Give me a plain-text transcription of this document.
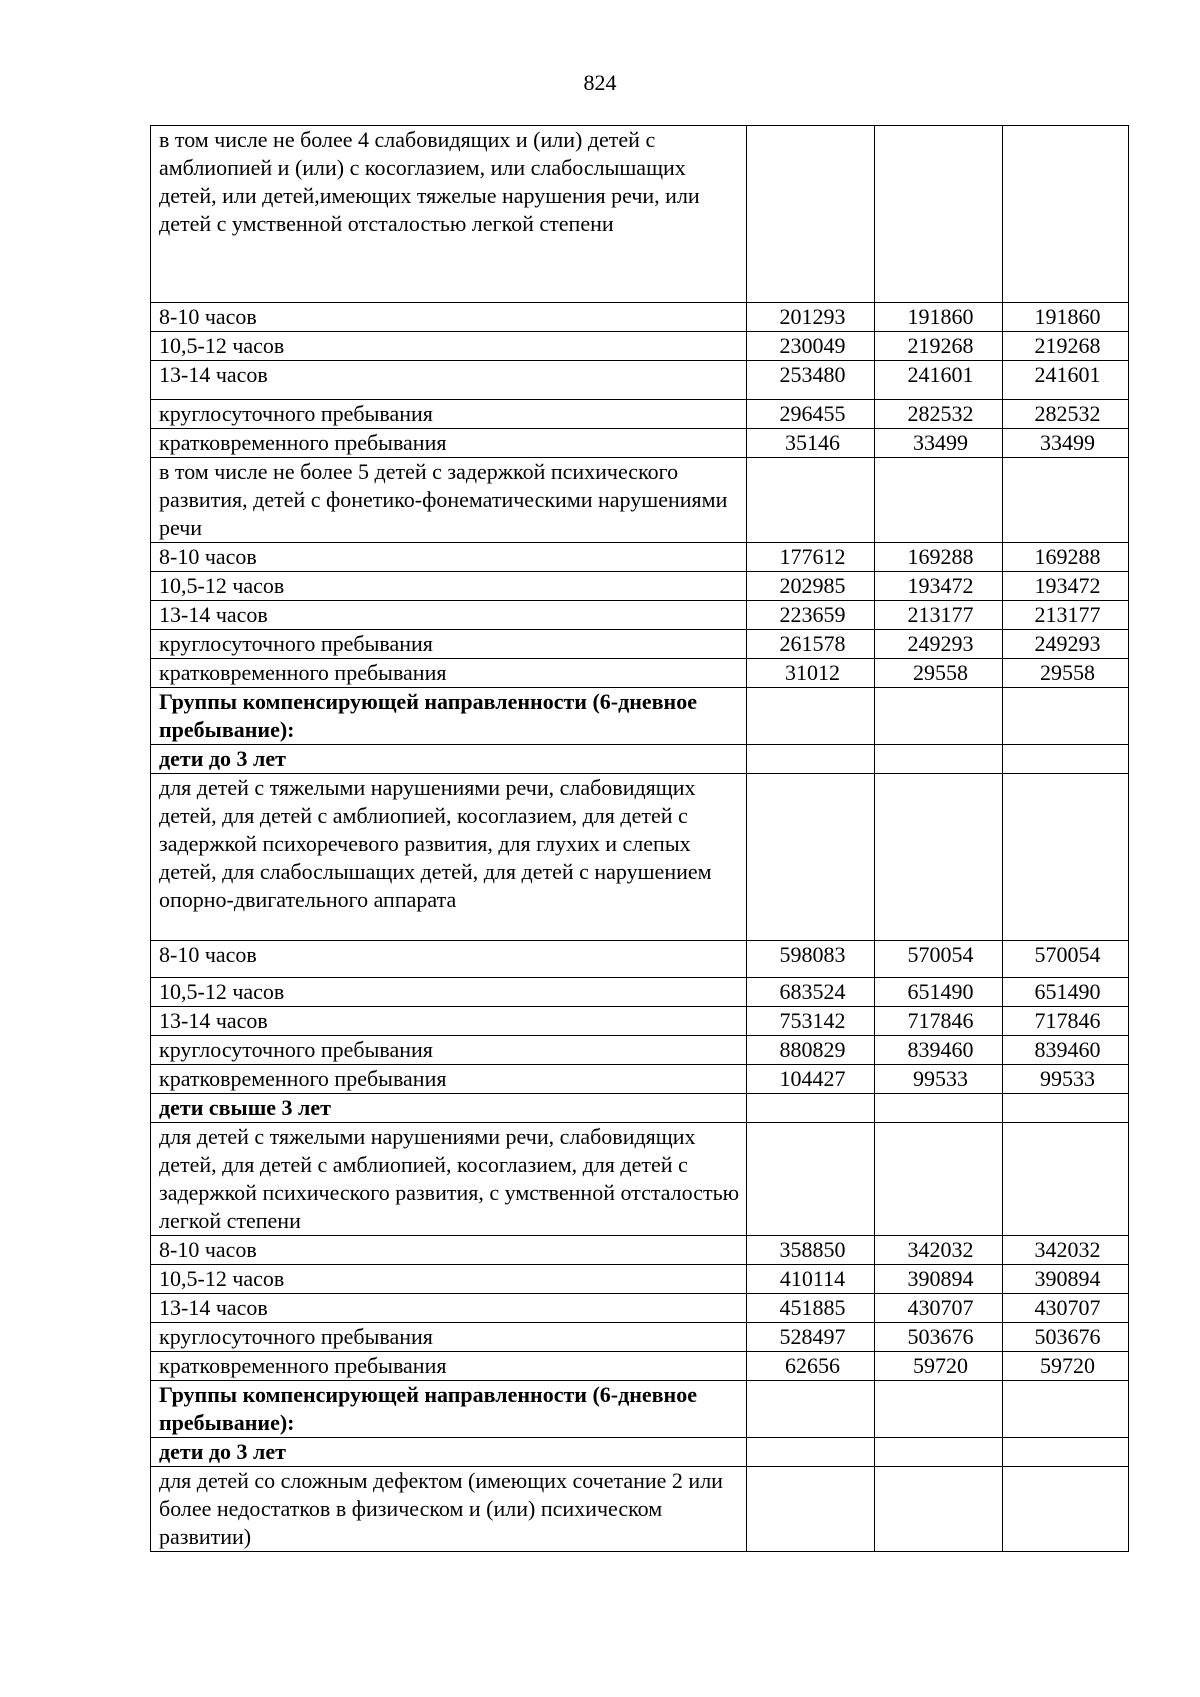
824
в том числе не более 4 слабовидящих и (или) детей с амблиопией и (или) с косоглазием, или слабослышащих детей, или детей,имеющих тяжелые нарушения речи, или детей с умственной отсталостью легкой степени			
8-10 часов	201293	191860	191860
10,5-12 часов	230049	219268	219268
13-14 часов	253480	241601	241601
круглосуточного пребывания	296455	282532	282532
кратковременного пребывания	35146	33499	33499
в том числе не более 5 детей с задержкой психического развития, детей с фонетико-фонематическими нарушениями речи			
8-10 часов	177612	169288	169288
10,5-12 часов	202985	193472	193472
13-14 часов	223659	213177	213177
круглосуточного пребывания	261578	249293	249293
кратковременного пребывания	31012	29558	29558
Группы компенсирующей направленности (6-дневное пребывание):			
дети до 3 лет			
для детей с тяжелыми нарушениями речи, слабовидящих детей, для детей с амблиопией, косоглазием, для детей с задержкой психоречевого развития, для глухих и слепых детей, для слабослышащих детей, для детей с нарушением опорно-двигательного аппарата			
8-10 часов	598083	570054	570054
10,5-12 часов	683524	651490	651490
13-14 часов	753142	717846	717846
круглосуточного пребывания	880829	839460	839460
кратковременного пребывания	104427	99533	99533
дети свыше 3 лет			
для детей с тяжелыми нарушениями речи, слабовидящих детей, для детей с амблиопией, косоглазием, для детей с задержкой психического развития, с умственной отсталостью легкой степени			
8-10 часов	358850	342032	342032
10,5-12 часов	410114	390894	390894
13-14 часов	451885	430707	430707
круглосуточного пребывания	528497	503676	503676
кратковременного пребывания	62656	59720	59720
Группы компенсирующей направленности (6-дневное пребывание):			
дети до 3 лет			
для детей со сложным дефектом (имеющих сочетание 2 или более недостатков в физическом и (или) психическом развитии)			
